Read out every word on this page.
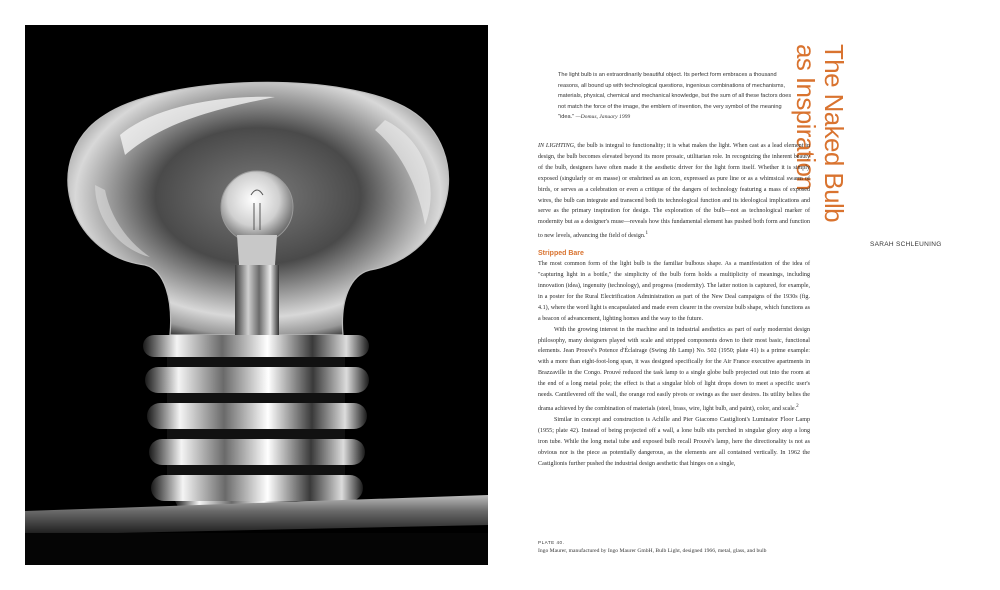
The light bulb is an extraordinarily beautiful object. Its perfect form embraces a thousand reasons, all bound up with technological questions, ingenious combinations of mechanisms, materials, physical, chemical and mechanical knowledge, but the sum of all these factors does not match the force of the image, the emblem of invention, the very symbol of the meaning "idea." —Domus, January 1999	The Naked Bulb
as Inspiration
SARAH SCHLEUNING

IN LIGHTING, the bulb is integral to functionality; it is what makes the light. When cast as a lead element in design, the bulb becomes elevated beyond its more prosaic, utilitarian role. In recognizing the inherent beauty of the bulb, designers have often made it the aesthetic driver for the light form itself. Whether it is simply exposed (singularly or en masse) or enshrined as an icon, expressed as pure line or as a whimsical swarm of birds, or serves as a celebration or even a critique of the dangers of technology featuring a mass of exposed wires, the bulb can integrate and transcend both its technological function and its ideological implications and serve as the primary inspiration for design. The exploration of the bulb—not as technological marker of modernity but as a designer's muse—reveals how this fundamental element has pushed both form and function to new levels, advancing the field of design.$^1$

Stripped Bare

The most common form of the light bulb is the familiar bulbous shape. As a manifestation of the idea of "capturing light in a bottle," the simplicity of the bulb form holds a multiplicity of meanings, including innovation (idea), ingenuity (technology), and progress (modernity). The latter notion is captured, for example, in a poster for the Rural Electrification Administration as part of the New Deal campaigns of the 1930s (fig. 4.1), where the word light is encapsulated and made even clearer in the oversize bulb shape, which functions as a beacon of advancement, lighting homes and the way to the future.

With the growing interest in the machine and in industrial aesthetics as part of early modernist design philosophy, many designers played with scale and stripped components down to their most basic, functional elements. Jean Prouvé's Potence d'Éclairage (Swing Jib Lamp) No. 502 (1950; plate 41) is a prime example: with a more than eight-foot-long span, it was designed specifically for the Air France executive apartments in Brazzaville in the Congo. Prouvé reduced the task lamp to a single globe bulb projected out into the room at the end of a long metal pole; the effect is that a singular blob of light drops down to meet a specific user's needs. Cantilevered off the wall, the orange rod easily pivots or swings as the user desires. Its utility belies the drama achieved by the combination of materials (steel, brass, wire, light bulb, and paint), color, and scale.$^2$

Similar in concept and construction is Achille and Pier Giacomo Castiglioni's Luminator Floor Lamp (1955; plate 42). Instead of being projected off a wall, a lone bulb sits perched in singular glory atop a long iron tube. While the long metal tube and exposed bulb recall Prouvé's lamp, here the directionality is not as obvious nor is the piece as potentially dangerous, as the elements are all contained vertically. In 1962 the Castiglionis further pushed the industrial design aesthetic that hinges on a single,

PLATE 40.
Ingo Maurer, manufactured by Ingo Maurer GmbH, Bulb Light, designed 1966, metal, glass, and bulb
